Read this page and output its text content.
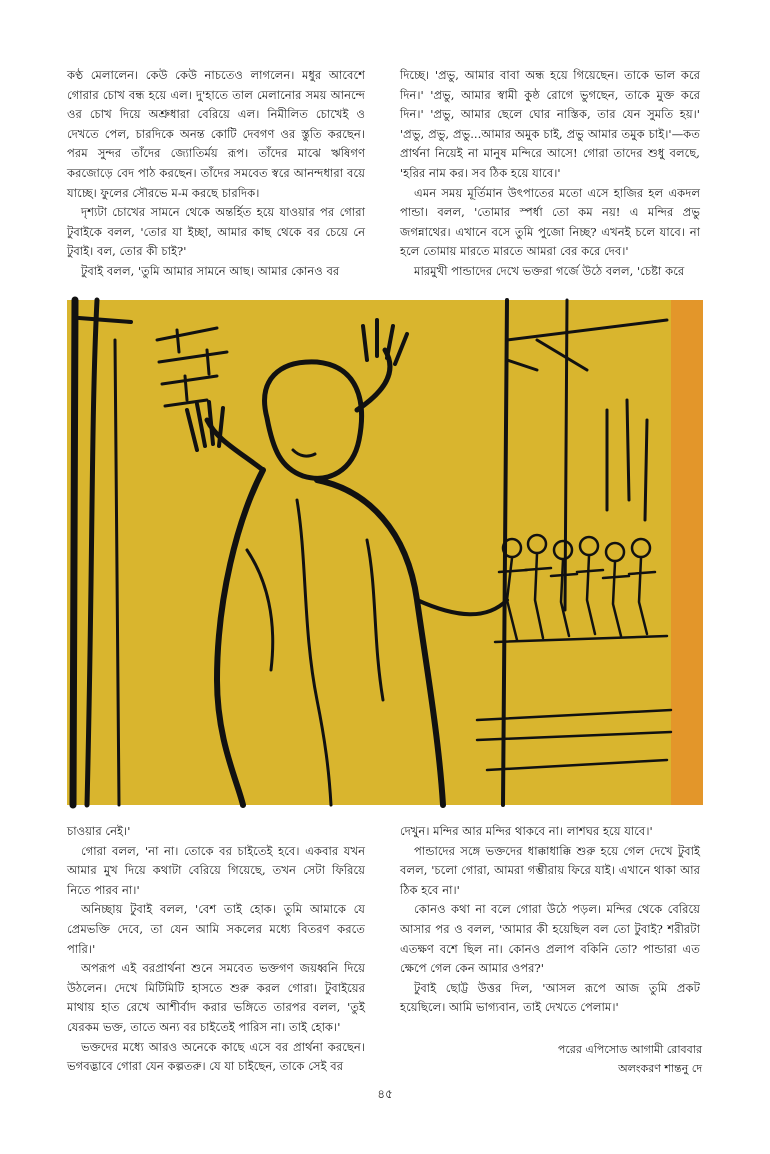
কণ্ঠ মেলালেন। কেউ কেউ নাচতেও লাগলেন। মধুর আবেশে গোরার চোখ বন্ধ হয়ে এল। দু'হাতে তাল মেলানোর সময় আনন্দে ওর চোখ দিয়ে অশ্রুধারা বেরিয়ে এল। নিমীলিত চোখেই ও দেখতে পেল, চারদিকে অনন্ত কোটি দেবগণ ওর স্তুতি করছেন। পরম সুন্দর তাঁদের জ্যোতির্ময় রূপ। তাঁদের মাঝে ঋষিগণ করজোড়ে বেদ পাঠ করছেন। তাঁদের সমবেত স্বরে আনন্দধারা বয়ে যাচ্ছে। ফুলের সৌরভে ম-ম করছে চারদিক।

দৃশ্যটা চোখের সামনে থেকে অন্তর্হিত হয়ে যাওয়ার পর গোরা টুবাইকে বলল, 'তোর যা ইচ্ছা, আমার কাছ থেকে বর চেয়ে নে টুবাই। বল, তোর কী চাই?'

টুবাই বলল, 'তুমি আমার সামনে আছ। আমার কোনও বর

দিচ্ছে। 'প্রভু, আমার বাবা অন্ধ হয়ে গিয়েছেন। তাকে ভাল করে দিন।' 'প্রভু, আমার স্বামী কুষ্ঠ রোগে ভুগছেন, তাকে মুক্ত করে দিন।' 'প্রভু, আমার ছেলে ঘোর নাস্তিক, তার যেন সুমতি হয়।' 'প্রভু, প্রভু, প্রভু...আমার অমুক চাই, প্রভু আমার তমুক চাই।'—কত প্রার্থনা নিয়েই না মানুষ মন্দিরে আসে! গোরা তাদের শুধু বলছে, 'হরির নাম কর। সব ঠিক হয়ে যাবে।'

এমন সময় মূর্তিমান উৎপাতের মতো এসে হাজির হল একদল পান্ডা। বলল, 'তোমার স্পর্ধা তো কম নয়! এ মন্দির প্রভু জগন্নাথের। এখানে বসে তুমি পুজো নিচ্ছ? এখনই চলে যাবে। না হলে তোমায় মারতে মারতে আমরা বের করে দেব।'

মারমুখী পান্ডাদের দেখে ভক্তরা গর্জে উঠে বলল, 'চেষ্টা করে

চাওয়ার নেই।'

গোরা বলল, 'না না। তোকে বর চাইতেই হবে। একবার যখন আমার মুখ দিয়ে কথাটা বেরিয়ে গিয়েছে, তখন সেটা ফিরিয়ে নিতে পারব না।'

অনিচ্ছায় টুবাই বলল, 'বেশ তাই হোক। তুমি আমাকে যে প্রেমভক্তি দেবে, তা যেন আমি সকলের মধ্যে বিতরণ করতে পারি।'

অপরূপ এই বরপ্রার্থনা শুনে সমবেত ভক্তগণ জয়ধ্বনি দিয়ে উঠলেন। দেখে মিটিমিটি হাসতে শুরু করল গোরা। টুবাইয়ের মাথায় হাত রেখে আশীর্বাদ করার ভঙ্গিতে তারপর বলল, 'তুই যেরকম ভক্ত, তাতে অন্য বর চাইতেই পারিস না। তাই হোক।'

ভক্তদের মধ্যে আরও অনেকে কাছে এসে বর প্রার্থনা করছেন। ভগবদ্ভাবে গোরা যেন কল্পতরু। যে যা চাইছেন, তাকে সেই বর

দেখুন। মন্দির আর মন্দির থাকবে না। লাশঘর হয়ে যাবে।'

পান্ডাদের সঙ্গে ভক্তদের ধাক্কাধাক্কি শুরু হয়ে গেল দেখে টুবাই বলল, 'চলো গোরা, আমরা গম্ভীরায় ফিরে যাই। এখানে থাকা আর ঠিক হবে না।'

কোনও কথা না বলে গোরা উঠে পড়ল। মন্দির থেকে বেরিয়ে আসার পর ও বলল, 'আমার কী হয়েছিল বল তো টুবাই? শরীরটা এতক্ষণ বশে ছিল না। কোনও প্রলাপ বকিনি তো? পান্ডারা এত ক্ষেপে গেল কেন আমার ওপর?'

টুবাই ছোট্ট উত্তর দিল, 'আসল রূপে আজ তুমি প্রকট হয়েছিলে। আমি ভাগ্যবান, তাই দেখতে পেলাম।'

পরের এপিসোড আগামী রোববার
অলংকরণ শান্তনু দে
৪৫
